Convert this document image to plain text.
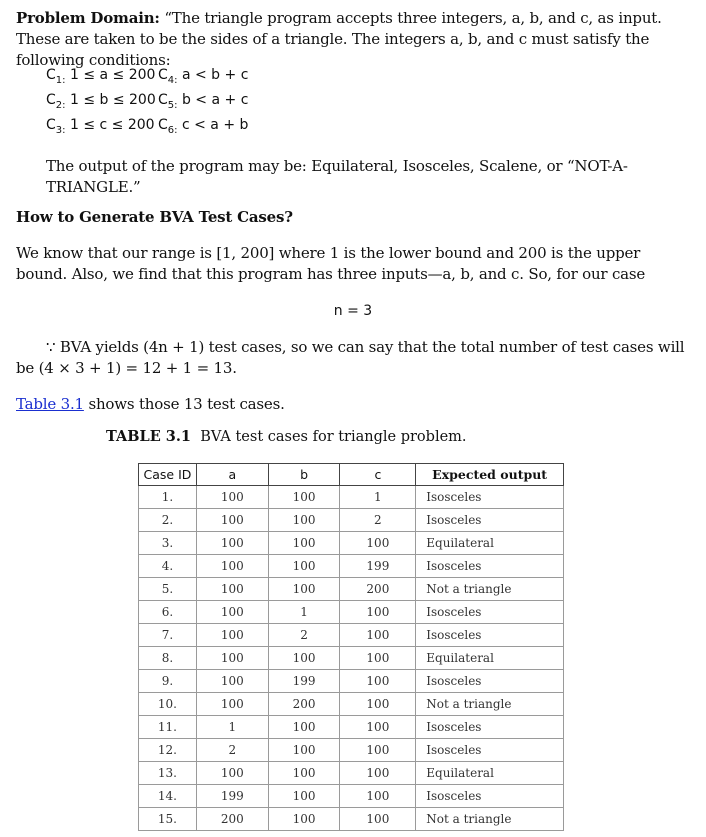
Problem Domain: “The triangle program accepts three integers, a, b, and c, as input. These are taken to be the sides of a triangle. The integers a, b, and c must satisfy the following conditions:
$C_{1:}$ 1 ≤ a ≤ 200
$C_{2:}$ 1 ≤ b ≤ 200
$C_{3:}$ 1 ≤ c ≤ 200
$C_{4:}$ a < b + c
$C_{5:}$ b < a + c
$C_{6:}$ c < a + b
The output of the program may be: Equilateral, Isosceles, Scalene, or “NOT-A-TRIANGLE.”
How to Generate BVA Test Cases?
We know that our range is [1, 200] where 1 is the lower bound and 200 is the upper bound. Also, we find that this program has three inputs—a, b, and c. So, for our case
n = 3
∵ BVA yields (4n + 1) test cases, so we can say that the total number of test cases will be (4 × 3 + 1) = 12 + 1 = 13.
Table 3.1 shows those 13 test cases.
TABLE 3.1 BVA test cases for triangle problem.
Case ID	a	b	c	Expected output
1.	100	100	1	Isosceles
2.	100	100	2	Isosceles
3.	100	100	100	Equilateral
4.	100	100	199	Isosceles
5.	100	100	200	Not a triangle
6.	100	1	100	Isosceles
7.	100	2	100	Isosceles
8.	100	100	100	Equilateral
9.	100	199	100	Isosceles
10.	100	200	100	Not a triangle
11.	1	100	100	Isosceles
12.	2	100	100	Isosceles
13.	100	100	100	Equilateral
14.	199	100	100	Isosceles
15.	200	100	100	Not a triangle
